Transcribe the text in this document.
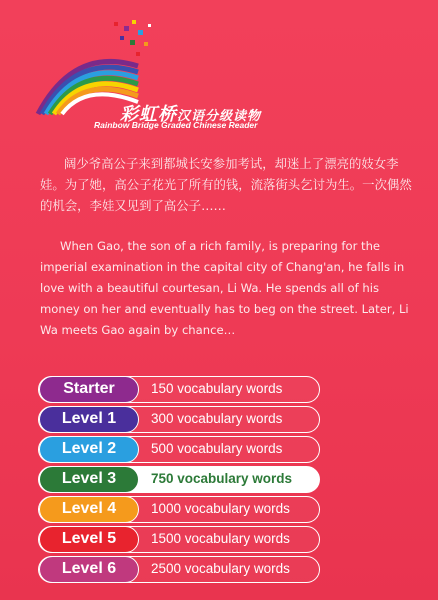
彩虹桥汉语分级读物
Rainbow Bridge Graded Chinese Reader

阔少爷高公子来到都城长安参加考试，却迷上了漂亮的妓女李娃。为了她，高公子花光了所有的钱，流落街头乞讨为生。一次偶然的机会，李娃又见到了高公子……

When Gao, the son of a rich family, is preparing for the imperial examination in the capital city of Chang'an, he falls in love with a beautiful courtesan, Li Wa. He spends all of his money on her and eventually has to beg on the street. Later, Li Wa meets Gao again by chance…

Starter	150 vocabulary words
Level 1	300 vocabulary words
Level 2	500 vocabulary words
Level 3	750 vocabulary words
Level 4	1000 vocabulary words
Level 5	1500 vocabulary words
Level 6	2500 vocabulary words
